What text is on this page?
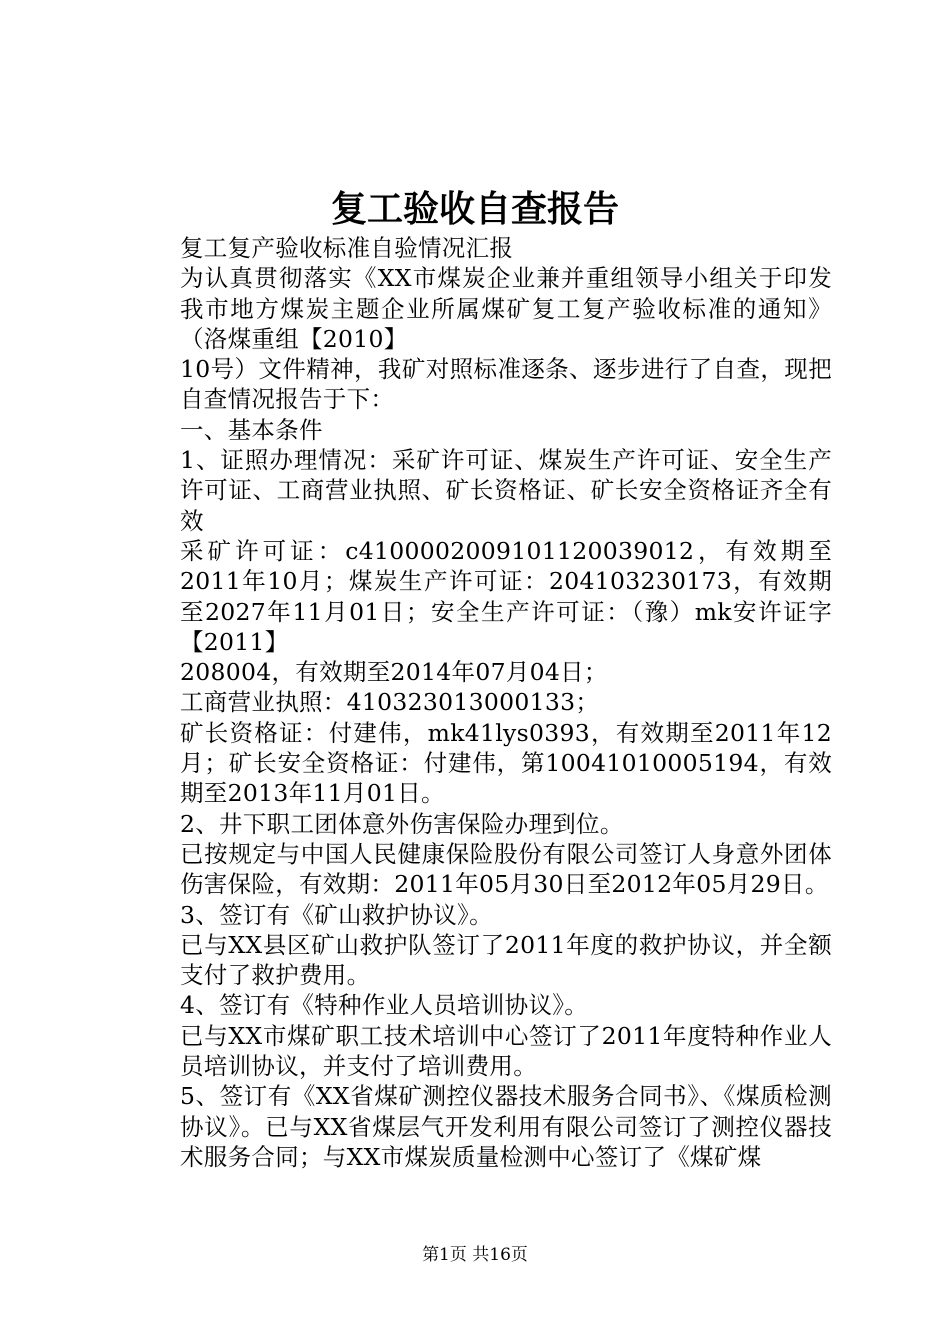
复工验收自查报告

复工复产验收标准自验情况汇报

为认真贯彻落实《XX市煤炭企业兼并重组领导小组关于印发我市地方煤炭主题企业所属煤矿复工复产验收标准的通知》（洛煤重组【2010】

10号）文件精神，我矿对照标准逐条、逐步进行了自查，现把自查情况报告于下：

一、基本条件

1、证照办理情况：采矿许可证、煤炭生产许可证、安全生产许可证、工商营业执照、矿长资格证、矿长安全资格证齐全有效

采矿许可证：c4100002009101120039012，有效期至2011年10月；煤炭生产许可证：204103230173，有效期至2027年11月01日；安全生产许可证：（豫）mk安许证字【2011】

208004，有效期至2014年07月04日；

工商营业执照：410323013000133；

矿长资格证：付建伟，mk41lys0393，有效期至2011年12月；矿长安全资格证：付建伟，第10041010005194，有效期至2013年11月01日。

2、井下职工团体意外伤害保险办理到位。

已按规定与中国人民健康保险股份有限公司签订人身意外团体伤害保险，有效期：2011年05月30日至2012年05月29日。

3、签订有《矿山救护协议》。

已与XX县区矿山救护队签订了2011年度的救护协议，并全额支付了救护费用。

4、签订有《特种作业人员培训协议》。

已与XX市煤矿职工技术培训中心签订了2011年度特种作业人员培训协议，并支付了培训费用。

5、签订有《XX省煤矿测控仪器技术服务合同书》、《煤质检测协议》。已与XX省煤层气开发利用有限公司签订了测控仪器技术服务合同；与XX市煤炭质量检测中心签订了《煤矿煤

第1页 共16页
